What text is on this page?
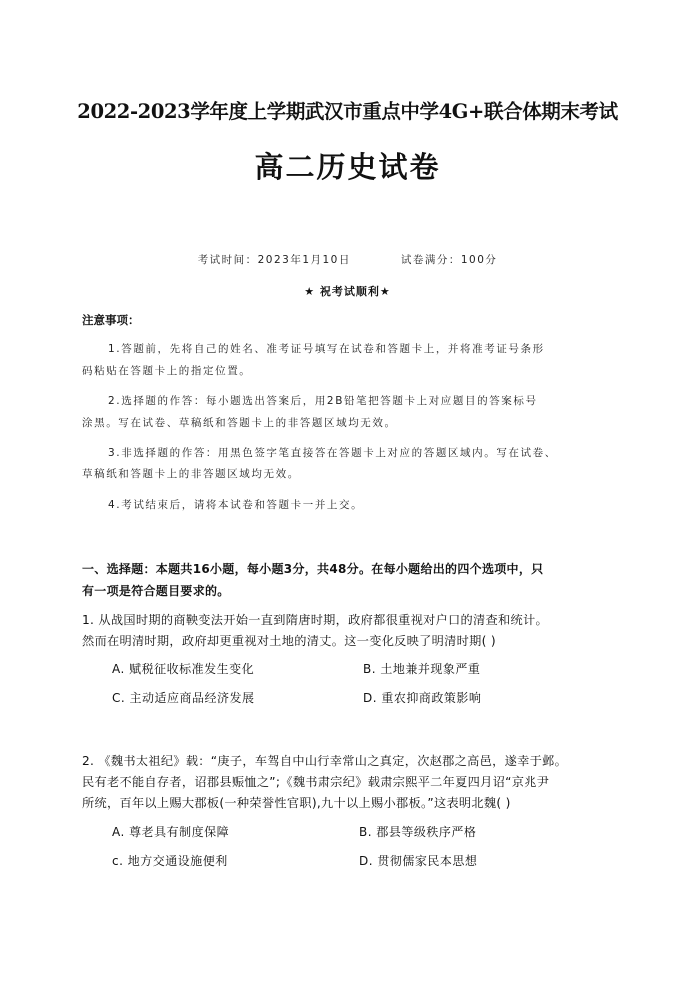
2022-2023学年度上学期武汉市重点中学4G+联合体期末考试
高二历史试卷
考试时间：2023年1月10日	试卷满分：100分
★ 祝考试顺利★
注意事项：
1.答题前，先将自己的姓名、准考证号填写在试卷和答题卡上，并将准考证号条形
码粘贴在答题卡上的指定位置。
2.选择题的作答：每小题选出答案后，用2B铅笔把答题卡上对应题目的答案标号
涂黑。写在试卷、草稿纸和答题卡上的非答题区域均无效。
3.非选择题的作答：用黑色签字笔直接答在答题卡上对应的答题区域内。写在试卷、
草稿纸和答题卡上的非答题区域均无效。
4.考试结束后，请将本试卷和答题卡一并上交。
一、选择题：本题共16小题，每小题3分，共48分。在每小题给出的四个选项中，只
有一项是符合题目要求的。
1. 从战国时期的商鞅变法开始一直到隋唐时期，政府都很重视对户口的清查和统计。
然而在明清时期，政府却更重视对土地的清丈。这一变化反映了明清时期( )
A. 赋税征收标准发生变化	B. 土地兼并现象严重
C. 主动适应商品经济发展	D. 重农抑商政策影响
2. 《魏书太祖纪》载：“庚子，车驾自中山行幸常山之真定，次赵郡之高邑，遂幸于邺。
民有老不能自存者，诏郡县赈恤之”;《魏书肃宗纪》载肃宗熙平二年夏四月诏“京兆尹
所统，百年以上赐大郡板(一种荣誉性官职),九十以上赐小郡板。”这表明北魏( )
A. 尊老具有制度保障	B. 郡县等级秩序严格
c. 地方交通设施便利	D. 贯彻儒家民本思想
